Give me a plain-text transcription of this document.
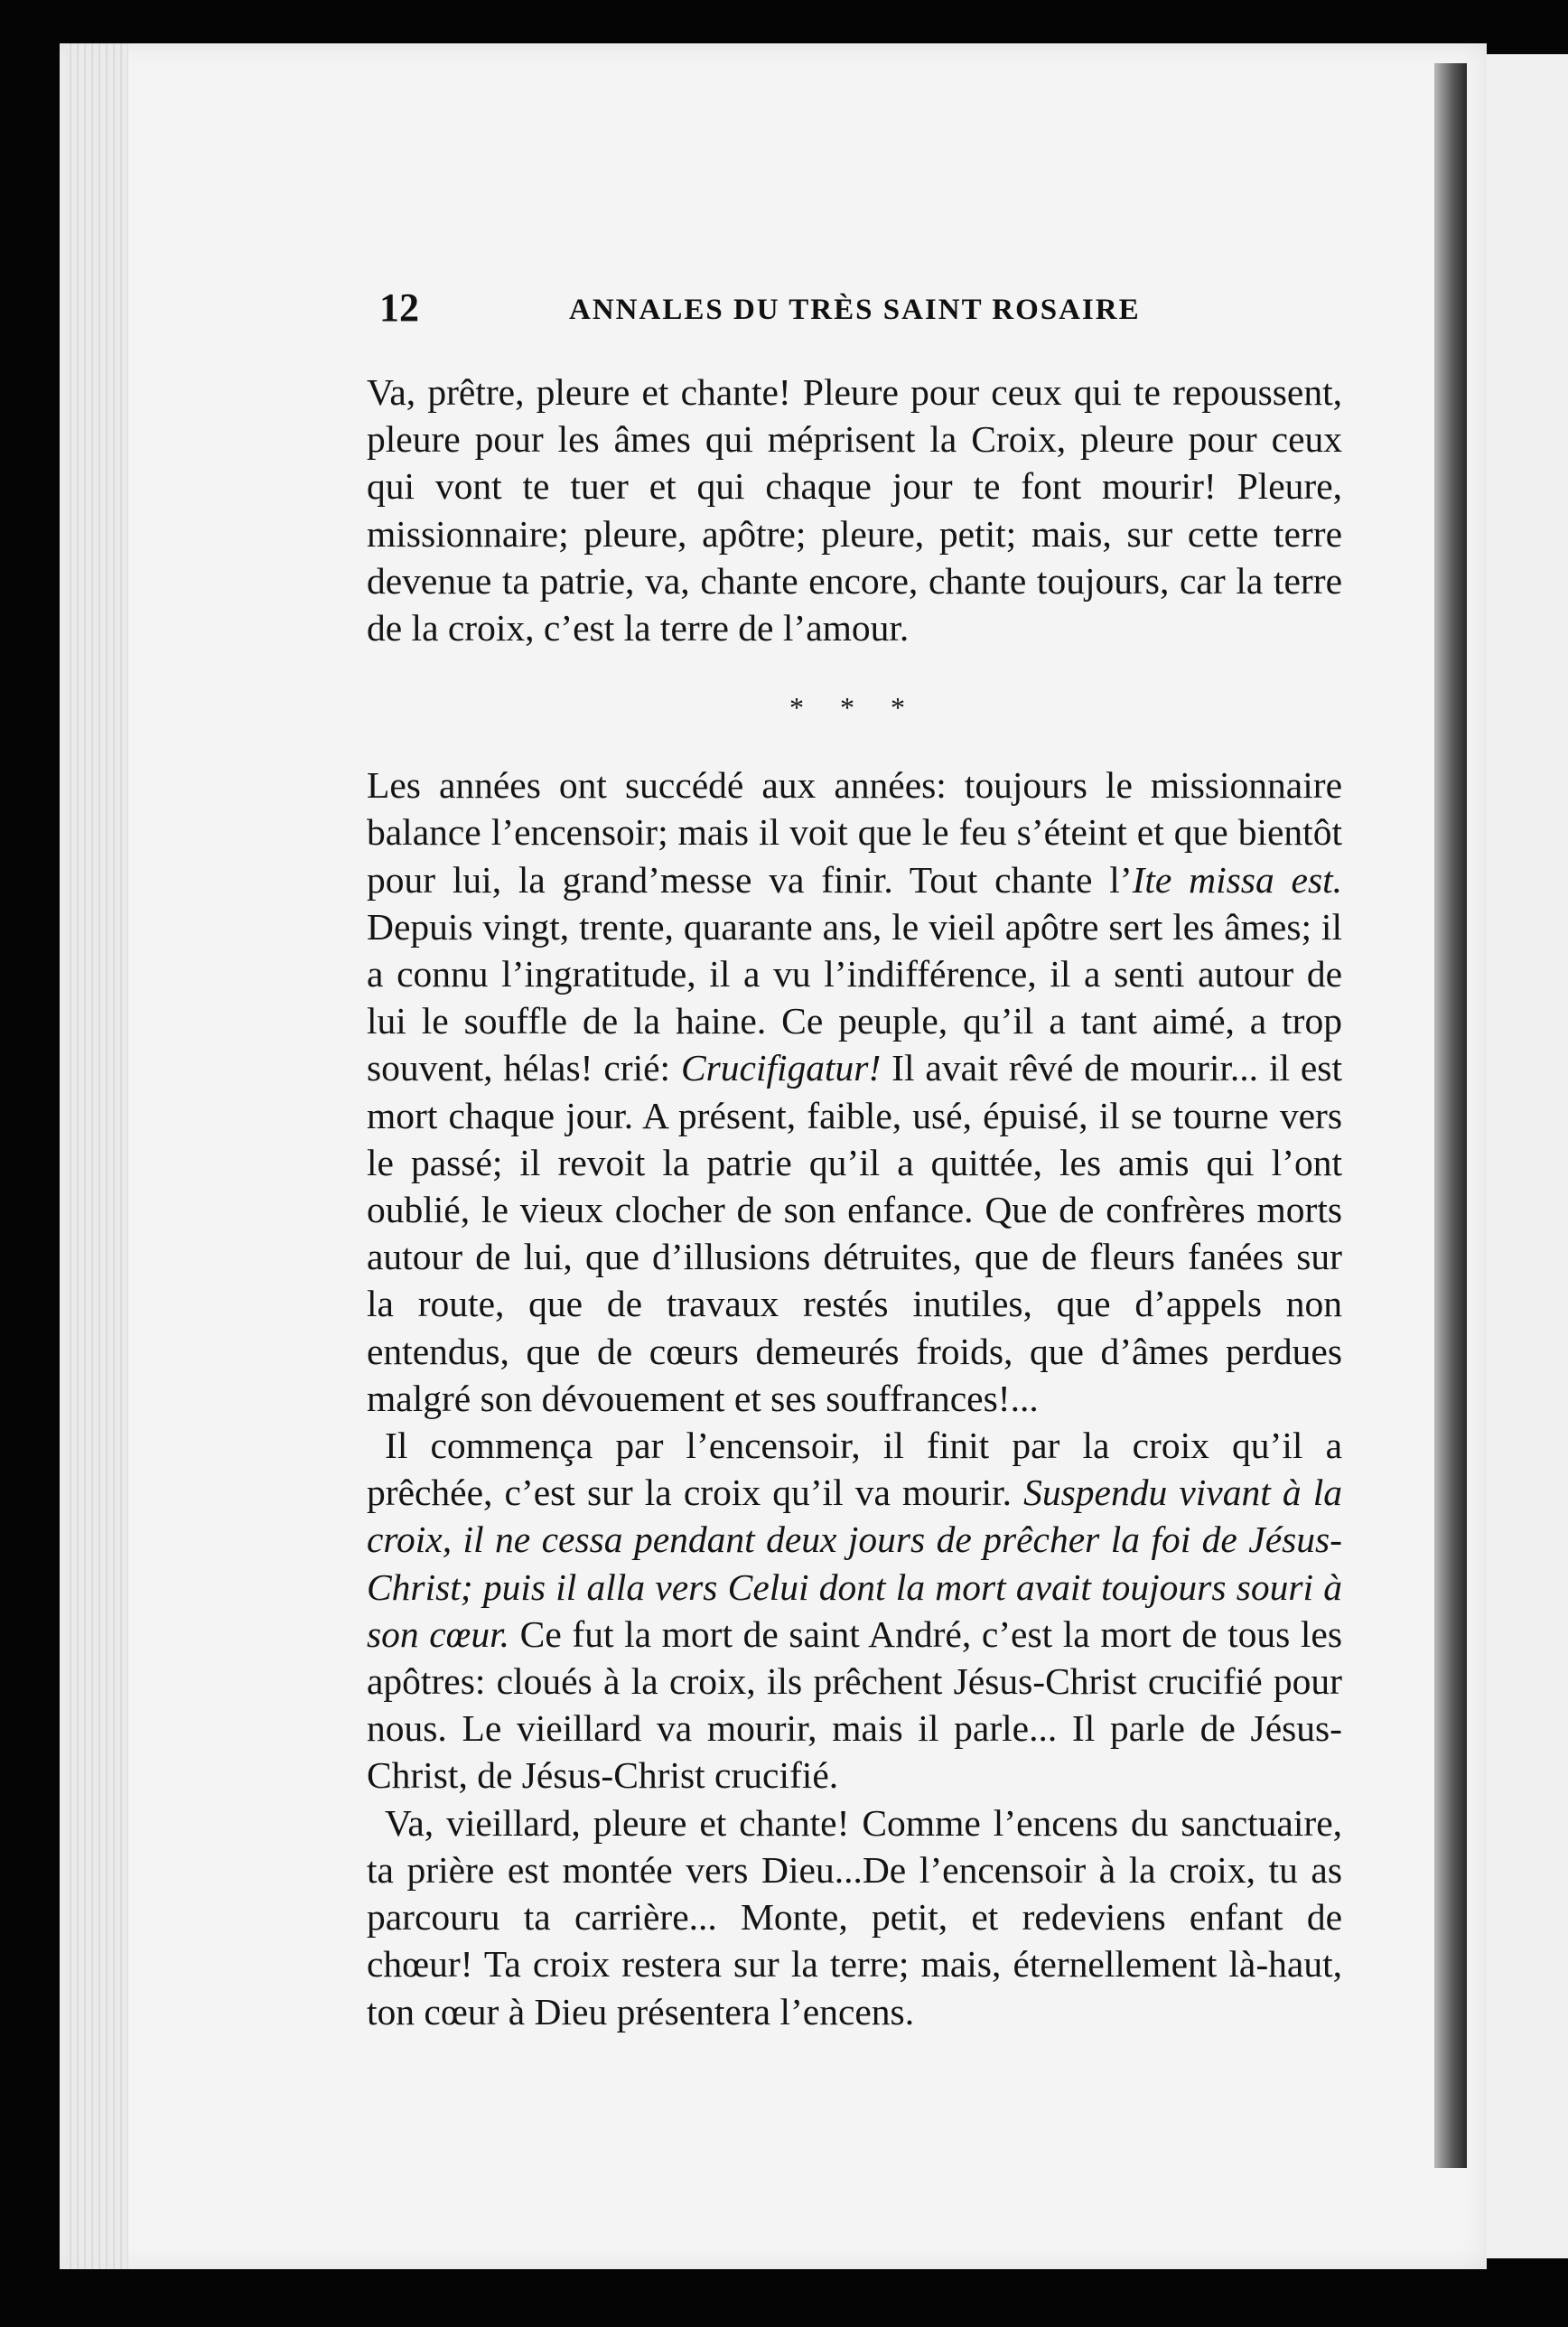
12	ANNALES DU TRÈS SAINT ROSAIRE

Va, prêtre, pleure et chante! Pleure pour ceux qui te repoussent, pleure pour les âmes qui méprisent la Croix, pleure pour ceux qui vont te tuer et qui chaque jour te font mourir! Pleure, missionnaire; pleure, apôtre; pleure, petit; mais, sur cette terre devenue ta patrie, va, chante encore, chante toujours, car la terre de la croix, c’est la terre de l’amour.

* * *

Les années ont succédé aux années: toujours le missionnaire balance l’encensoir; mais il voit que le feu s’éteint et que bientôt pour lui, la grand’messe va finir. Tout chante l’Ite missa est. Depuis vingt, trente, quarante ans, le vieil apôtre sert les âmes; il a connu l’ingratitude, il a vu l’indifférence, il a senti autour de lui le souffle de la haine. Ce peuple, qu’il a tant aimé, a trop souvent, hélas! crié: Crucifigatur! Il avait rêvé de mourir... il est mort chaque jour. A présent, faible, usé, épuisé, il se tourne vers le passé; il revoit la patrie qu’il a quittée, les amis qui l’ont oublié, le vieux clocher de son enfance. Que de confrères morts autour de lui, que d’illusions détruites, que de fleurs fanées sur la route, que de travaux restés inutiles, que d’appels non entendus, que de cœurs demeurés froids, que d’âmes perdues malgré son dévouement et ses souffrances!...

Il commença par l’encensoir, il finit par la croix qu’il a prêchée, c’est sur la croix qu’il va mourir. Suspendu vivant à la croix, il ne cessa pendant deux jours de prêcher la foi de Jésus-Christ; puis il alla vers Celui dont la mort avait toujours souri à son cœur. Ce fut la mort de saint André, c’est la mort de tous les apôtres: cloués à la croix, ils prêchent Jésus-Christ crucifié pour nous. Le vieillard va mourir, mais il parle... Il parle de Jésus-Christ, de Jésus-Christ crucifié.

Va, vieillard, pleure et chante! Comme l’encens du sanctuaire, ta prière est montée vers Dieu...De l’encensoir à la croix, tu as parcouru ta carrière... Monte, petit, et redeviens enfant de chœur! Ta croix restera sur la terre; mais, éternellement là-haut, ton cœur à Dieu présentera l’encens.
